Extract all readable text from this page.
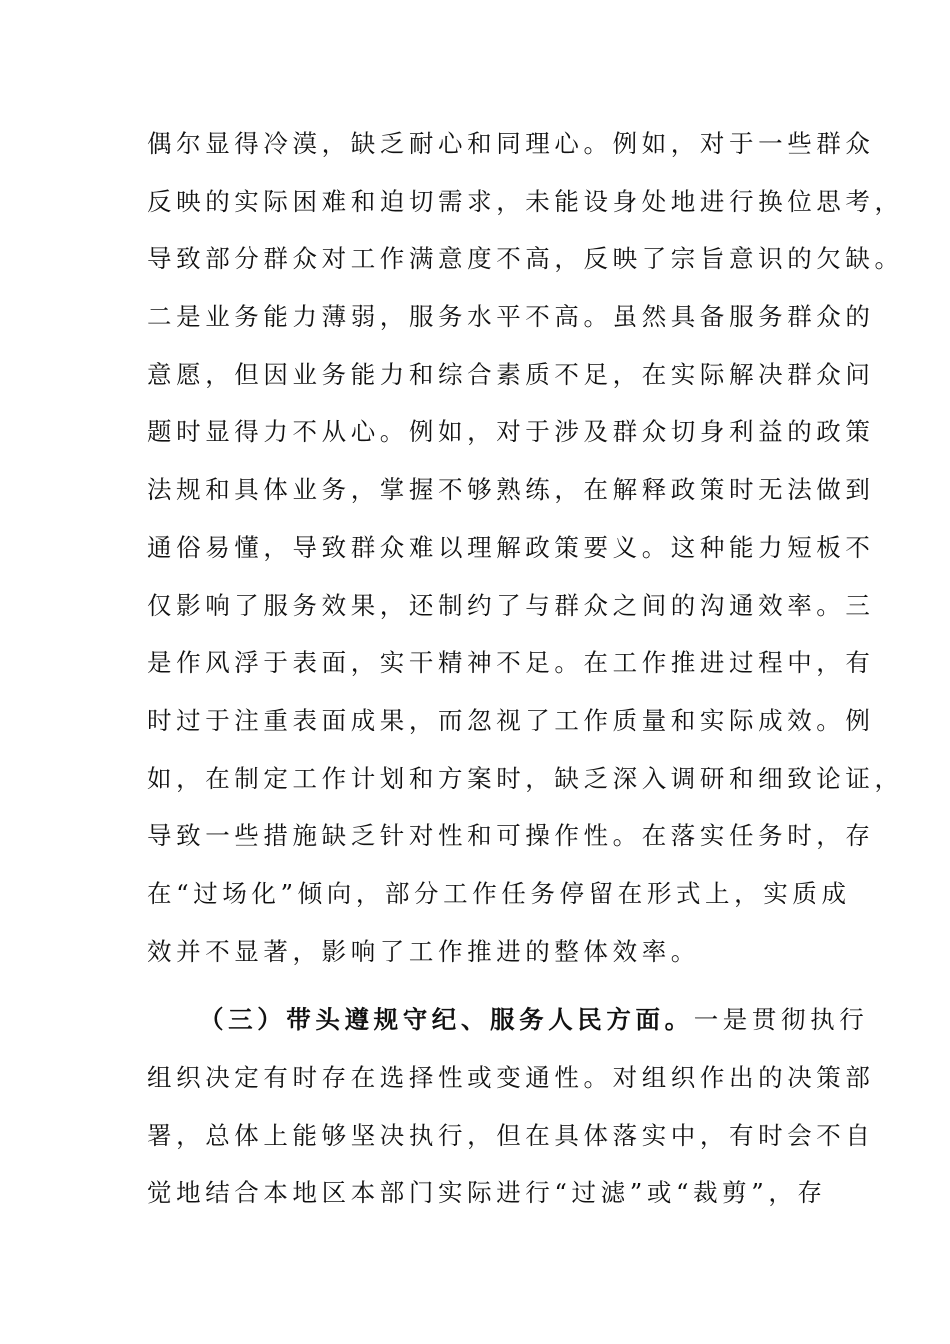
偶尔显得冷漠，缺乏耐心和同理心。例如，对于一些群众
反映的实际困难和迫切需求，未能设身处地进行换位思考，
导致部分群众对工作满意度不高，反映了宗旨意识的欠缺。
二是业务能力薄弱，服务水平不高。虽然具备服务群众的
意愿，但因业务能力和综合素质不足，在实际解决群众问
题时显得力不从心。例如，对于涉及群众切身利益的政策
法规和具体业务，掌握不够熟练，在解释政策时无法做到
通俗易懂，导致群众难以理解政策要义。这种能力短板不
仅影响了服务效果，还制约了与群众之间的沟通效率。三
是作风浮于表面，实干精神不足。在工作推进过程中，有
时过于注重表面成果，而忽视了工作质量和实际成效。例
如，在制定工作计划和方案时，缺乏深入调研和细致论证，
导致一些措施缺乏针对性和可操作性。在落实任务时，存
在“过场化”倾向，部分工作任务停留在形式上，实质成
效并不显著，影响了工作推进的整体效率。
（三）带头遵规守纪、服务人民方面。一是贯彻执行
组织决定有时存在选择性或变通性。对组织作出的决策部
署，总体上能够坚决执行，但在具体落实中，有时会不自
觉地结合本地区本部门实际进行“过滤”或“裁剪”，存
